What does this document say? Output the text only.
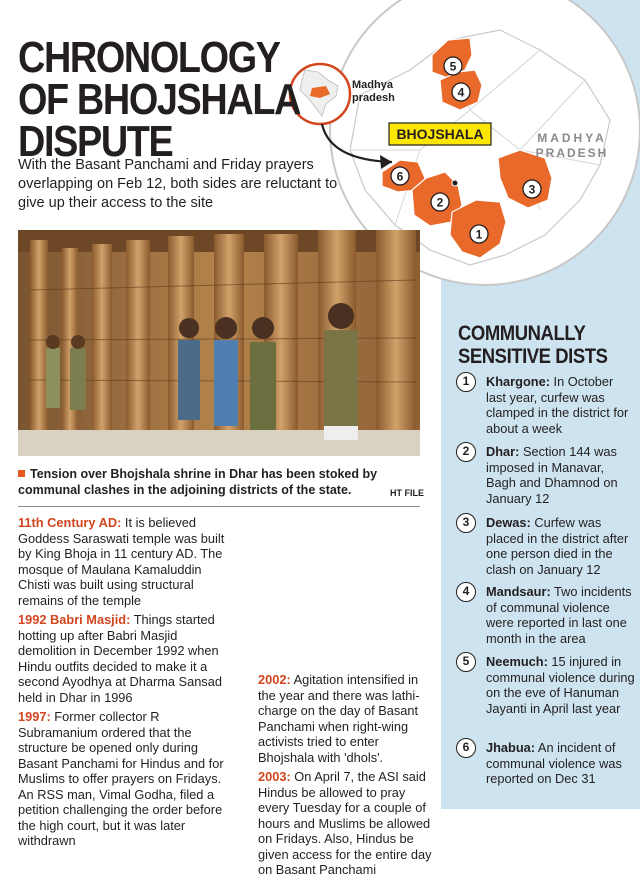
5
4
6
2
3
1
MADHYA
PRADESH
BHOJSHALA
Madhya
pradesh
CHRONOLOGY
OF BHOJSHALA
DISPUTE
With the Basant Panchami and Friday prayers overlapping on Feb 12, both sides are reluctant to give up their access to the site
Tension over Bhojshala shrine in Dhar has been stoked by communal clashes in the adjoining districts of the state.	HT FILE

11th Century AD: It is believed Goddess Saraswati temple was built by King Bhoja in 11 century AD. The mosque of Maulana Kamaluddin Chisti was built using structural remains of the temple

1992 Babri Masjid: Things started hotting up after Babri Masjid demolition in December 1992 when Hindu outfits decided to make it a second Ayodhya at Dharma Sansad held in Dhar in 1996

1997: Former collector R Subramanium ordered that the structure be opened only during Basant Panchami for Hindus and for Muslims to offer prayers on Fridays. An RSS man, Vimal Godha, filed a petition challenging the order before the high court, but it was later withdrawn

2002: Agitation intensified in the year and there was lathi-charge on the day of Basant Panchami when right-wing activists tried to enter Bhojshala with 'dhols'.

2003: On April 7, the ASI said Hindus be allowed to pray every Tuesday for a couple of hours and Muslims be allowed on Fridays. Also, Hindus be given access for the entire day on Basant Panchami

COMMUNALLY
SENSITIVE DISTS
1	Khargone: In October last year, curfew was clamped in the district for about a week
2	Dhar: Section 144 was imposed in Manavar, Bagh and Dhamnod on January 12
3	Dewas: Curfew was placed in the district after one person died in the clash on January 12
4	Mandsaur: Two incidents of communal violence were reported in last one month in the area
5	Neemuch: 15 injured in communal violence during on the eve of Hanuman Jayanti in April last year
6	Jhabua: An incident of communal violence was reported on Dec 31
